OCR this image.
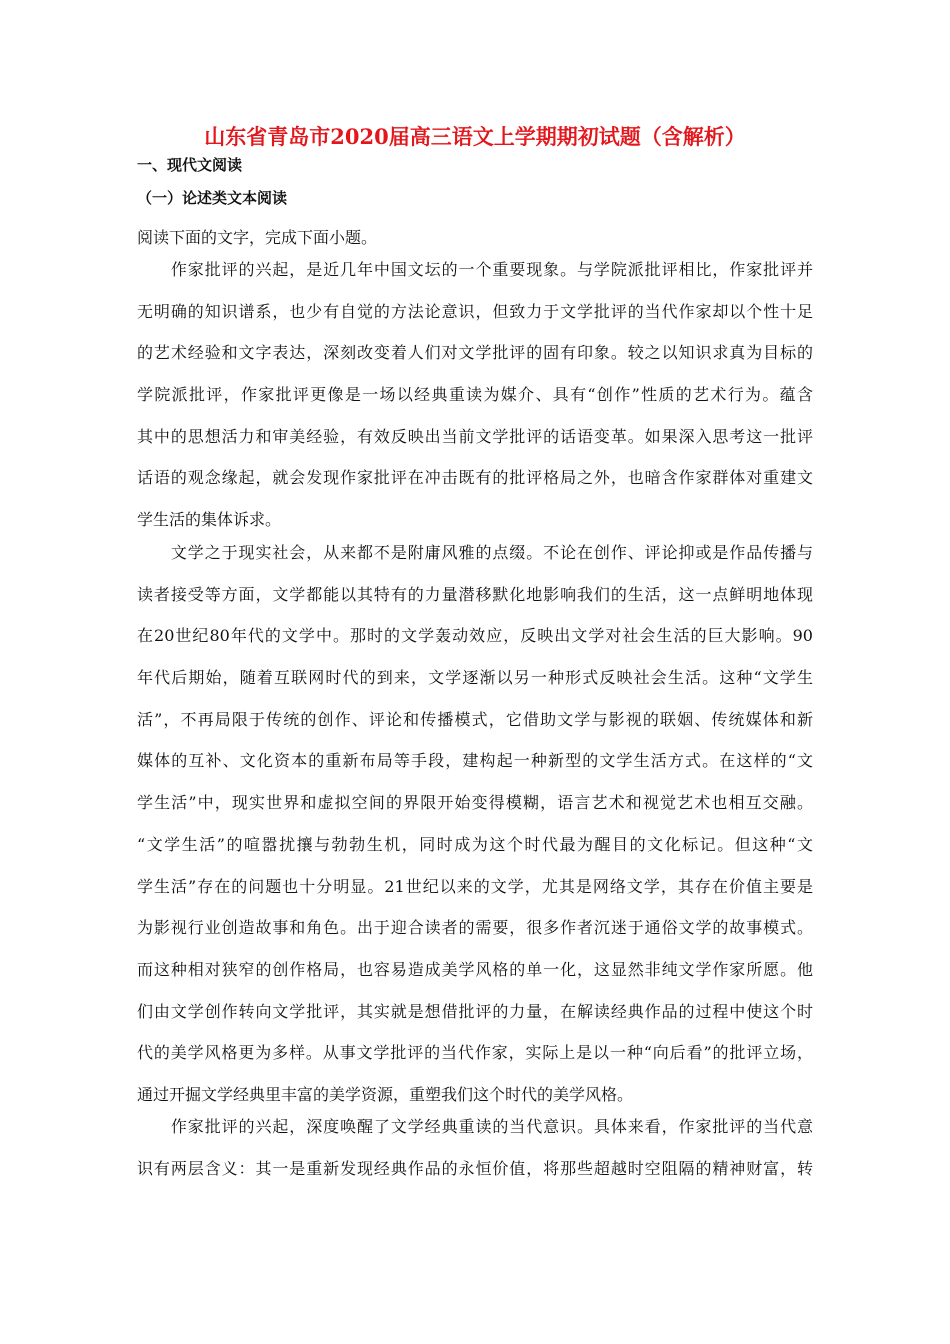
山东省青岛市2020届高三语文上学期期初试题（含解析）
一、现代文阅读
（一）论述类文本阅读
阅读下面的文字，完成下面小题。
　　作家批评的兴起，是近几年中国文坛的一个重要现象。与学院派批评相比，作家批评并
无明确的知识谱系，也少有自觉的方法论意识，但致力于文学批评的当代作家却以个性十足
的艺术经验和文字表达，深刻改变着人们对文学批评的固有印象。较之以知识求真为目标的
学院派批评，作家批评更像是一场以经典重读为媒介、具有“创作”性质的艺术行为。蕴含
其中的思想活力和审美经验，有效反映出当前文学批评的话语变革。如果深入思考这一批评
话语的观念缘起，就会发现作家批评在冲击既有的批评格局之外，也暗含作家群体对重建文
学生活的集体诉求。
　　文学之于现实社会，从来都不是附庸风雅的点缀。不论在创作、评论抑或是作品传播与
读者接受等方面，文学都能以其特有的力量潜移默化地影响我们的生活，这一点鲜明地体现
在20世纪80年代的文学中。那时的文学轰动效应，反映出文学对社会生活的巨大影响。90
年代后期始，随着互联网时代的到来，文学逐渐以另一种形式反映社会生活。这种“文学生
活”，不再局限于传统的创作、评论和传播模式，它借助文学与影视的联姻、传统媒体和新
媒体的互补、文化资本的重新布局等手段，建构起一种新型的文学生活方式。在这样的“文
学生活”中，现实世界和虚拟空间的界限开始变得模糊，语言艺术和视觉艺术也相互交融。
“文学生活”的喧嚣扰攘与勃勃生机，同时成为这个时代最为醒目的文化标记。但这种“文
学生活”存在的问题也十分明显。21世纪以来的文学，尤其是网络文学，其存在价值主要是
为影视行业创造故事和角色。出于迎合读者的需要，很多作者沉迷于通俗文学的故事模式。
而这种相对狭窄的创作格局，也容易造成美学风格的单一化，这显然非纯文学作家所愿。他
们由文学创作转向文学批评，其实就是想借批评的力量，在解读经典作品的过程中使这个时
代的美学风格更为多样。从事文学批评的当代作家，实际上是以一种“向后看”的批评立场，
通过开掘文学经典里丰富的美学资源，重塑我们这个时代的美学风格。
　　作家批评的兴起，深度唤醒了文学经典重读的当代意识。具体来看，作家批评的当代意
识有两层含义：其一是重新发现经典作品的永恒价值，将那些超越时空阻隔的精神财富，转
